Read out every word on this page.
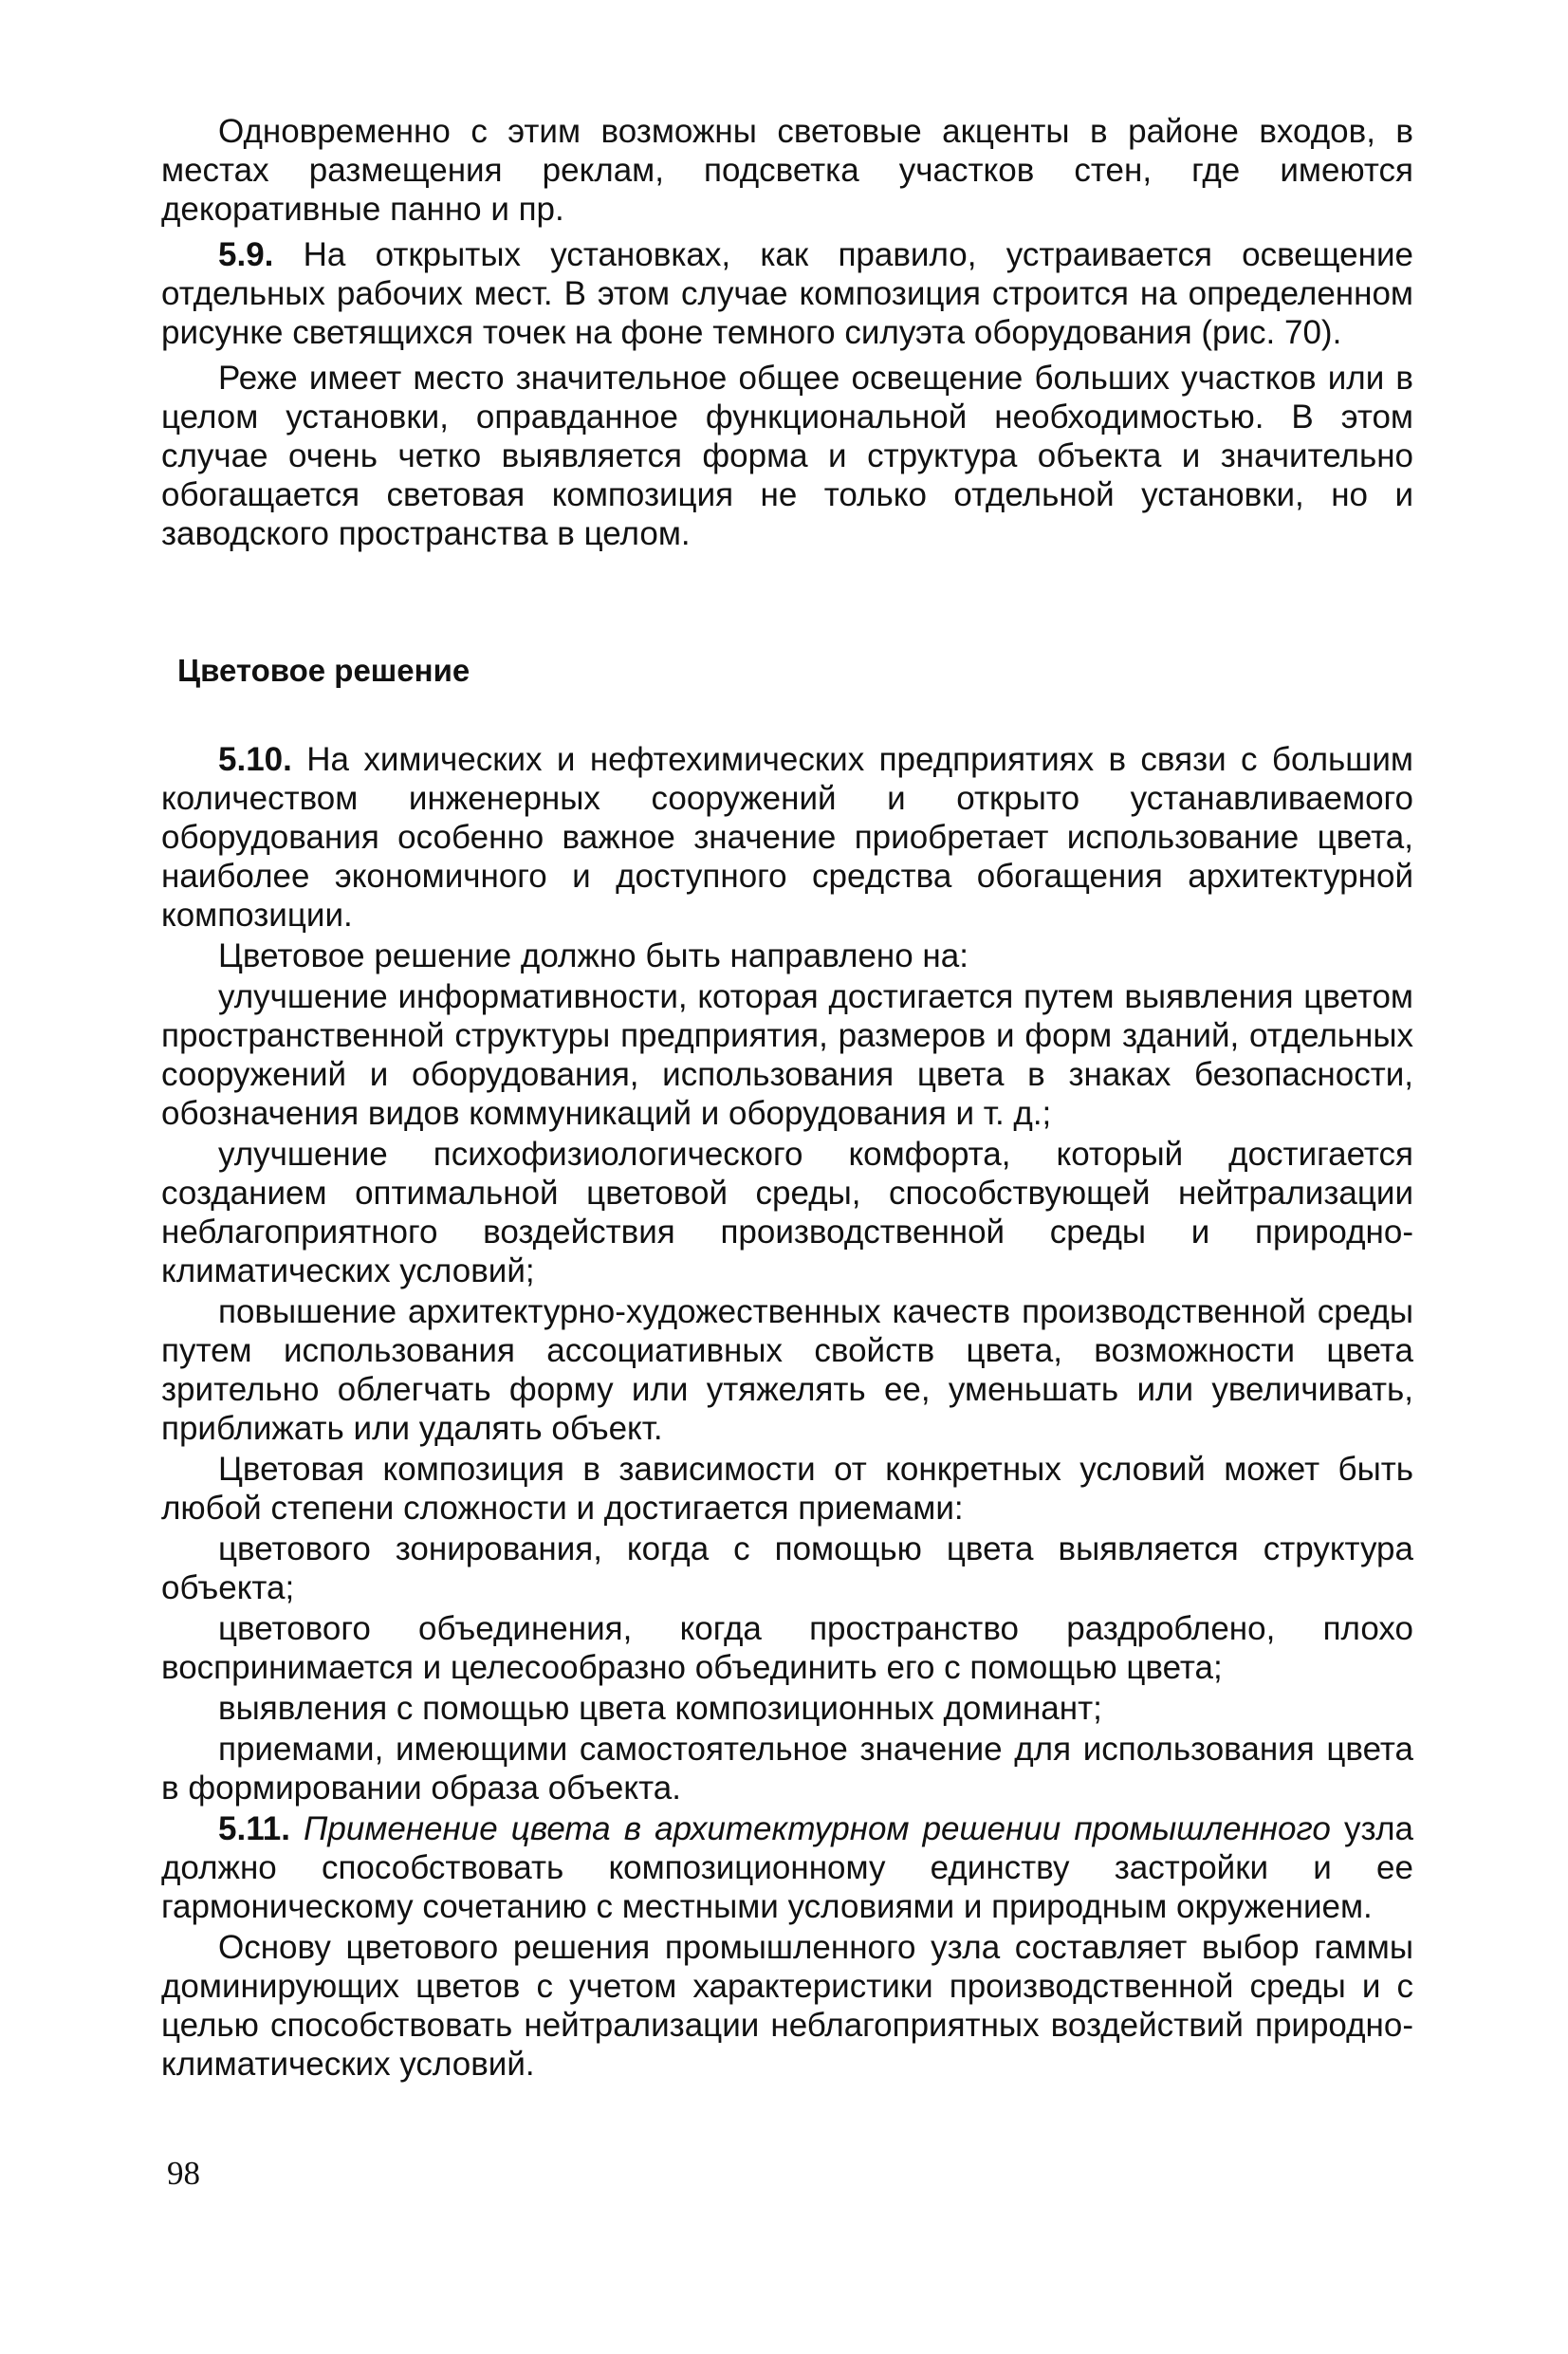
Одновременно с этим возможны световые акценты в районе входов, в местах размещения реклам, подсветка участков стен, где имеются декоративные панно и пр.

5.9. На открытых установках, как правило, устраивается освещение отдельных рабочих мест. В этом случае композиция строится на определенном рисунке светящихся точек на фоне темного силуэта оборудования (рис. 70).

Реже имеет место значительное общее освещение больших участков или в целом установки, оправданное функциональной необходимостью. В этом случае очень четко выявляется форма и структура объекта и значительно обогащается световая композиция не только отдельной установки, но и заводского пространства в целом.

Цветовое решение

5.10. На химических и нефтехимических предприятиях в связи с большим количеством инженерных сооружений и открыто устанавливаемого оборудования особенно важное значение приобретает использование цвета, наиболее экономичного и доступного средства обогащения архитектурной композиции.

Цветовое решение должно быть направлено на:

улучшение информативности, которая достигается путем выявления цветом пространственной структуры предприятия, размеров и форм зданий, отдельных сооружений и оборудования, использования цвета в знаках безопасности, обозначения видов коммуникаций и оборудования и т. д.;

улучшение психофизиологического комфорта, который достигается созданием оптимальной цветовой среды, способствующей нейтрализации неблагоприятного воздействия производственной среды и природно-климатических условий;

повышение архитектурно-художественных качеств производственной среды путем использования ассоциативных свойств цвета, возможности цвета зрительно облегчать форму или утяжелять ее, уменьшать или увеличивать, приближать или удалять объект.

Цветовая композиция в зависимости от конкретных условий может быть любой степени сложности и достигается приемами:

цветового зонирования, когда с помощью цвета выявляется структура объекта;

цветового объединения, когда пространство раздроблено, плохо воспринимается и целесообразно объединить его с помощью цвета;

выявления с помощью цвета композиционных доминант;

приемами, имеющими самостоятельное значение для использования цвета в формировании образа объекта.

5.11. Применение цвета в архитектурном решении промышленного узла должно способствовать композиционному единству застройки и ее гармоническому сочетанию с местными условиями и природным окружением.

Основу цветового решения промышленного узла составляет выбор гаммы доминирующих цветов с учетом характеристики производственной среды и с целью способствовать нейтрализации неблагоприятных воздействий природно-климатических условий.

98
